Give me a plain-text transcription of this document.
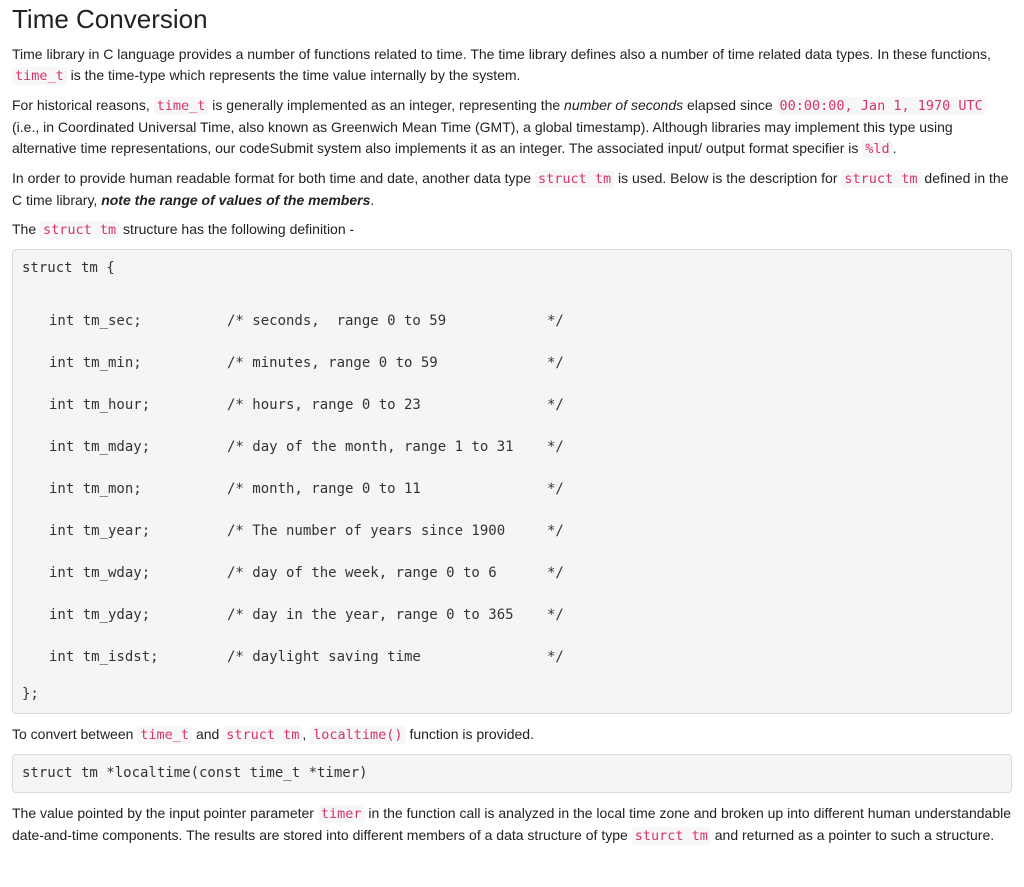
Time Conversion

Time library in C language provides a number of functions related to time. The time library defines also a number of time related data types. In these functions, time_t is the time-type which represents the time value internally by the system.

For historical reasons, time_t is generally implemented as an integer, representing the number of seconds elapsed since 00:00:00, Jan 1, 1970 UTC (i.e., in Coordinated Universal Time, also known as Greenwich Mean Time (GMT), a global timestamp). Although libraries may implement this type using alternative time representations, our codeSubmit system also implements it as an integer. The associated input/ output format specifier is %ld .

In order to provide human readable format for both time and date, another data type struct tm is used. Below is the description for struct tm defined in the C time library, note the range of values of the members.

The struct tm structure has the following definition -

struct tm {
int tm_sec;	/* seconds,  range 0 to 59	*/
int tm_min;	/* minutes, range 0 to 59	*/
int tm_hour;	/* hours, range 0 to 23	*/
int tm_mday;	/* day of the month, range 1 to 31	*/
int tm_mon;	/* month, range 0 to 11	*/
int tm_year;	/* The number of years since 1900	*/
int tm_wday;	/* day of the week, range 0 to 6	*/
int tm_yday;	/* day in the year, range 0 to 365	*/
int tm_isdst;	/* daylight saving time	*/
};

To convert between time_t and struct tm , localtime() function is provided.

struct tm *localtime(const time_t *timer)

The value pointed by the input pointer parameter timer in the function call is analyzed in the local time zone and broken up into different human understandable date-and-time components. The results are stored into different members of a data structure of type sturct tm and returned as a pointer to such a structure.
